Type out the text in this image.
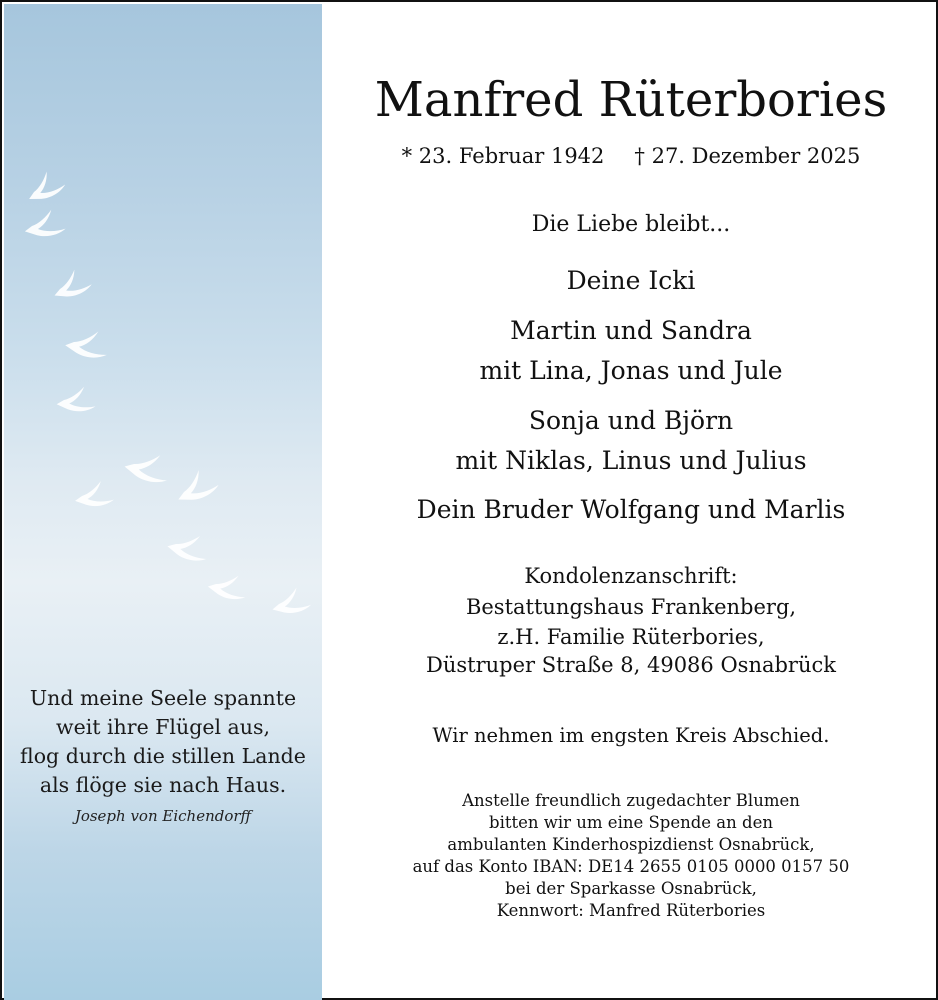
Und meine Seele spannte
weit ihre Flügel aus,
flog durch die stillen Lande
als flöge sie nach Haus.
Joseph von Eichendorff
Manfred Rüterbories
* 23. Februar 1942 † 27. Dezember 2025
Die Liebe bleibt...
Deine Icki
Martin und Sandra
mit Lina, Jonas und Jule
Sonja und Björn
mit Niklas, Linus und Julius
Dein Bruder Wolfgang und Marlis
Kondolenzanschrift:
Bestattungshaus Frankenberg,
z.H. Familie Rüterbories,
Düstruper Straße 8, 49086 Osnabrück
Wir nehmen im engsten Kreis Abschied.
Anstelle freundlich zugedachter Blumen
bitten wir um eine Spende an den
ambulanten Kinderhospizdienst Osnabrück,
auf das Konto IBAN: DE14 2655 0105 0000 0157 50
bei der Sparkasse Osnabrück,
Kennwort: Manfred Rüterbories
